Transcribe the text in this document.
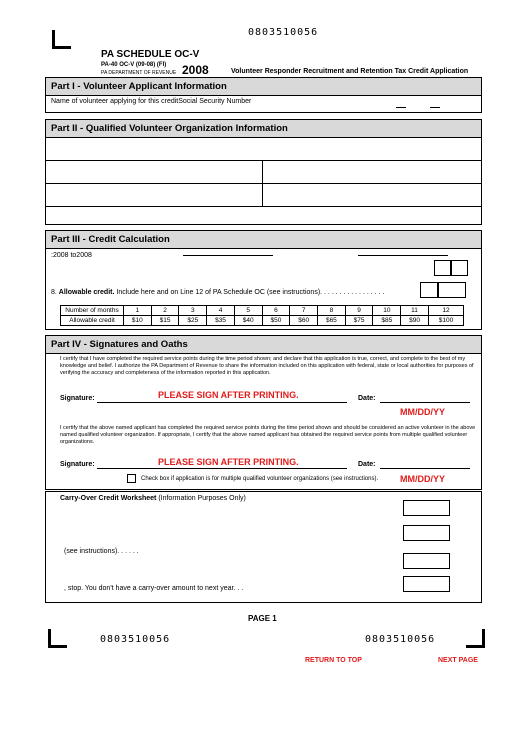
0803510056
PA SCHEDULE OC-V
PA-40 OC-V (09-08) (FI)
PA DEPARTMENT OF REVENUE 2008	Volunteer Responder Recruitment and Retention Tax Credit Application
Part I - Volunteer Applicant Information
Name of volunteer applying for this creditSocial Security Number
Part II - Qualified Volunteer Organization Information
Part III - Credit Calculation
:2008 to2008
8. Allowable credit. Include here and on Line 12 of PA Schedule OC (see instructions). . . . . . . . . . . . . . . . .
Number of months	1	2	3	4	5	6	7	8	9	10	11	12
Allowable credit	$10	$15	$25	$35	$40	$50	$60	$65	$75	$85	$90	$100
Part IV - Signatures and Oaths
I certify that I have completed the required service points during the time period shown; and declare that this application is true, correct, and complete to the best of my knowledge and belief. I authorize the PA Department of Revenue to share the information included on this application with federal, state or local authorities for purposes of verifying the accuracy and completeness of the information reported in this application.
Signature:	PLEASE SIGN AFTER PRINTING.	Date:
MM/DD/YY
I certify that the above named applicant has completed the required service points during the time period shown and should be considered an active volunteer in the above named qualified volunteer organization. If appropriate, I certify that the above named applicant has obtained the required service points from multiple qualified volunteer organizations.
Signature:	PLEASE SIGN AFTER PRINTING.	Date:
Check box if application is for multiple qualified volunteer organizations (see instructions). MM/DD/YY
Carry-Over Credit Worksheet (Information Purposes Only)
(see instructions). . . . . .
, stop. You don't have a carry-over amount to next year. . .
PAGE 1
0803510056	0803510056
RETURN TO TOP	NEXT PAGE
